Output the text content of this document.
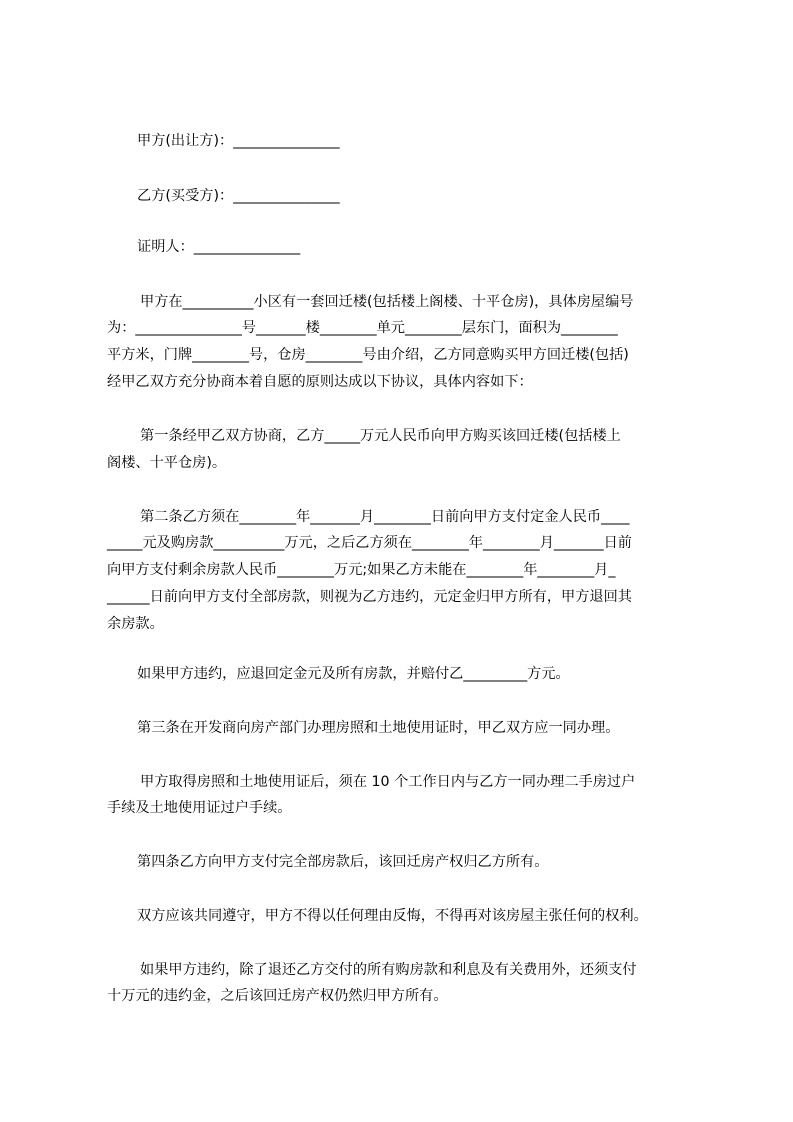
甲方(出让方)：_______________
乙方(买受方)：_______________
证明人：_______________
甲方在__________小区有一套回迁楼(包括楼上阁楼、十平仓房)，具体房屋编号
为：_______________号_______楼________单元________层东门，面积为________
平方米，门牌________号，仓房________号由介绍，乙方同意购买甲方回迁楼(包括)
经甲乙双方充分协商本着自愿的原则达成以下协议，具体内容如下：
第一条经甲乙双方协商，乙方_____万元人民币向甲方购买该回迁楼(包括楼上
阁楼、十平仓房)。
第二条乙方须在________年_______月________日前向甲方支付定金人民币____
_____元及购房款__________万元，之后乙方须在________年________月_______日前
向甲方支付剩余房款人民币________万元;如果乙方未能在________年________月_
______日前向甲方支付全部房款，则视为乙方违约，元定金归甲方所有，甲方退回其
余房款。
如果甲方违约，应退回定金元及所有房款，并赔付乙_________方元。
第三条在开发商向房产部门办理房照和土地使用证时，甲乙双方应一同办理。
甲方取得房照和土地使用证后，须在 10 个工作日内与乙方一同办理二手房过户
手续及土地使用证过户手续。
第四条乙方向甲方支付完全部房款后，该回迁房产权归乙方所有。
双方应该共同遵守，甲方不得以任何理由反悔，不得再对该房屋主张任何的权利。
如果甲方违约，除了退还乙方交付的所有购房款和利息及有关费用外，还须支付
十万元的违约金，之后该回迁房产权仍然归甲方所有。
